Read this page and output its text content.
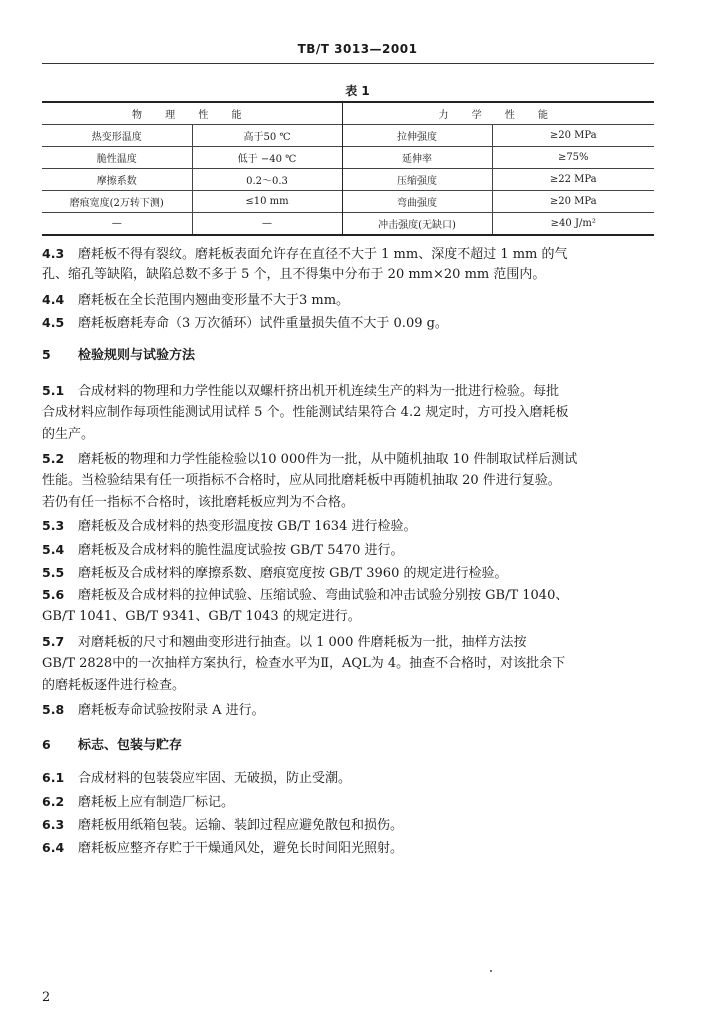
TB/T 3013—2001
表 1
物 理 性 能		力 学 性 能	
热变形温度	高于50 ℃	拉伸强度	≥20 MPa
脆性温度	低于 −40 ℃	延伸率	≥75%
摩擦系数	0.2～0.3	压缩强度	≥22 MPa
磨痕宽度(2万转下测)	≤10 mm	弯曲强度	≥20 MPa
—	—	冲击强度(无缺口)	≥40 J/m²
4.3 磨耗板不得有裂纹。磨耗板表面允许存在直径不大于 1 mm、深度不超过 1 mm 的气
孔、缩孔等缺陷，缺陷总数不多于 5 个，且不得集中分布于 20 mm×20 mm 范围内。
4.4 磨耗板在全长范围内翘曲变形量不大于3 mm。
4.5 磨耗板磨耗寿命（3 万次循环）试件重量损失值不大于 0.09 g。
5 检验规则与试验方法
5.1 合成材料的物理和力学性能以双螺杆挤出机开机连续生产的料为一批进行检验。每批
合成材料应制作每项性能测试用试样 5 个。性能测试结果符合 4.2 规定时，方可投入磨耗板
的生产。
5.2 磨耗板的物理和力学性能检验以10 000件为一批，从中随机抽取 10 件制取试样后测试
性能。当检验结果有任一项指标不合格时，应从同批磨耗板中再随机抽取 20 件进行复验。
若仍有任一指标不合格时，该批磨耗板应判为不合格。
5.3 磨耗板及合成材料的热变形温度按 GB/T 1634 进行检验。
5.4 磨耗板及合成材料的脆性温度试验按 GB/T 5470 进行。
5.5 磨耗板及合成材料的摩擦系数、磨痕宽度按 GB/T 3960 的规定进行检验。
5.6 磨耗板及合成材料的拉伸试验、压缩试验、弯曲试验和冲击试验分别按 GB/T 1040、
GB/T 1041、GB/T 9341、GB/T 1043 的规定进行。
5.7 对磨耗板的尺寸和翘曲变形进行抽查。以 1 000 件磨耗板为一批，抽样方法按
GB/T 2828中的一次抽样方案执行，检查水平为Ⅱ，AQL为 4。抽查不合格时，对该批余下
的磨耗板逐件进行检查。
5.8 磨耗板寿命试验按附录 A 进行。
6 标志、包装与贮存
6.1 合成材料的包装袋应牢固、无破损，防止受潮。
6.2 磨耗板上应有制造厂标记。
6.3 磨耗板用纸箱包装。运输、装卸过程应避免散包和损伤。
6.4 磨耗板应整齐存贮于干燥通风处，避免长时间阳光照射。
2
